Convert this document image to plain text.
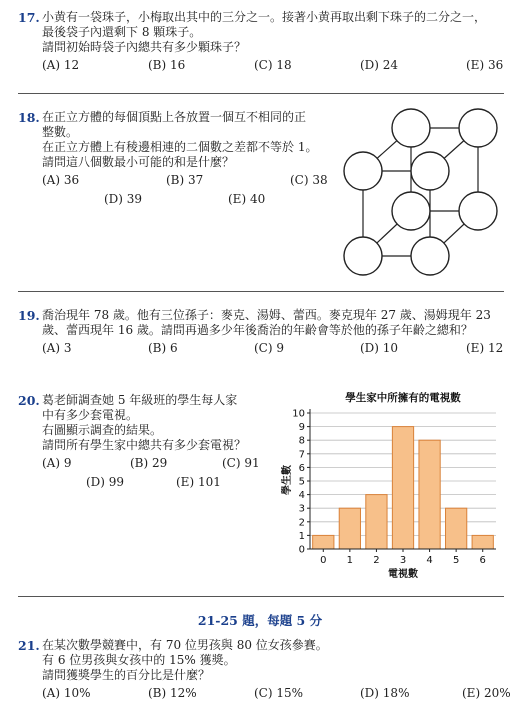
17. 小黄有一袋珠子，小梅取出其中的三分之一。接著小黄再取出剩下珠子的二分之一，
最後袋子內還剩下 8 顆珠子。
請問初始時袋子內總共有多少顆珠子？
(A) 12	(B) 16	(C) 18	(D) 24	(E) 36
18. 在正立方體的每個頂點上各放置一個互不相同的正
整數。
在正立方體上有稜邊相連的二個數之差都不等於 1。
請問這八個數最小可能的和是什麼？
(A) 36	(B) 37	(C) 38
(D) 39	(E) 40
19. 喬治現年 78 歲。他有三位孫子：麥克、湯姆、蕾西。麥克現年 27 歲、湯姆現年 23
歲、蕾西現年 16 歲。請問再過多少年後喬治的年齡會等於他的孫子年齡之總和？
(A) 3	(B) 6	(C) 9	(D) 10	(E) 12
20. 葛老師調查她 5 年級班的學生每人家
中有多少套電視。
右圖顯示調查的結果。
請問所有學生家中總共有多少套電視？
(A) 9	(B) 29	(C) 91
(D) 99	(E) 101
學生家中所擁有的電視數
學生數
電視數
0
1
2
3
4
5
6
7
8
9
10
0 1 2 3 4 5 6
21-25 題，每題 5 分
21. 在某次數學競賽中，有 70 位男孩與 80 位女孩參賽。
有 6 位男孩與女孩中的 15% 獲獎。
請問獲獎學生的百分比是什麼？
(A) 10%	(B) 12%	(C) 15%	(D) 18%	(E) 20%
